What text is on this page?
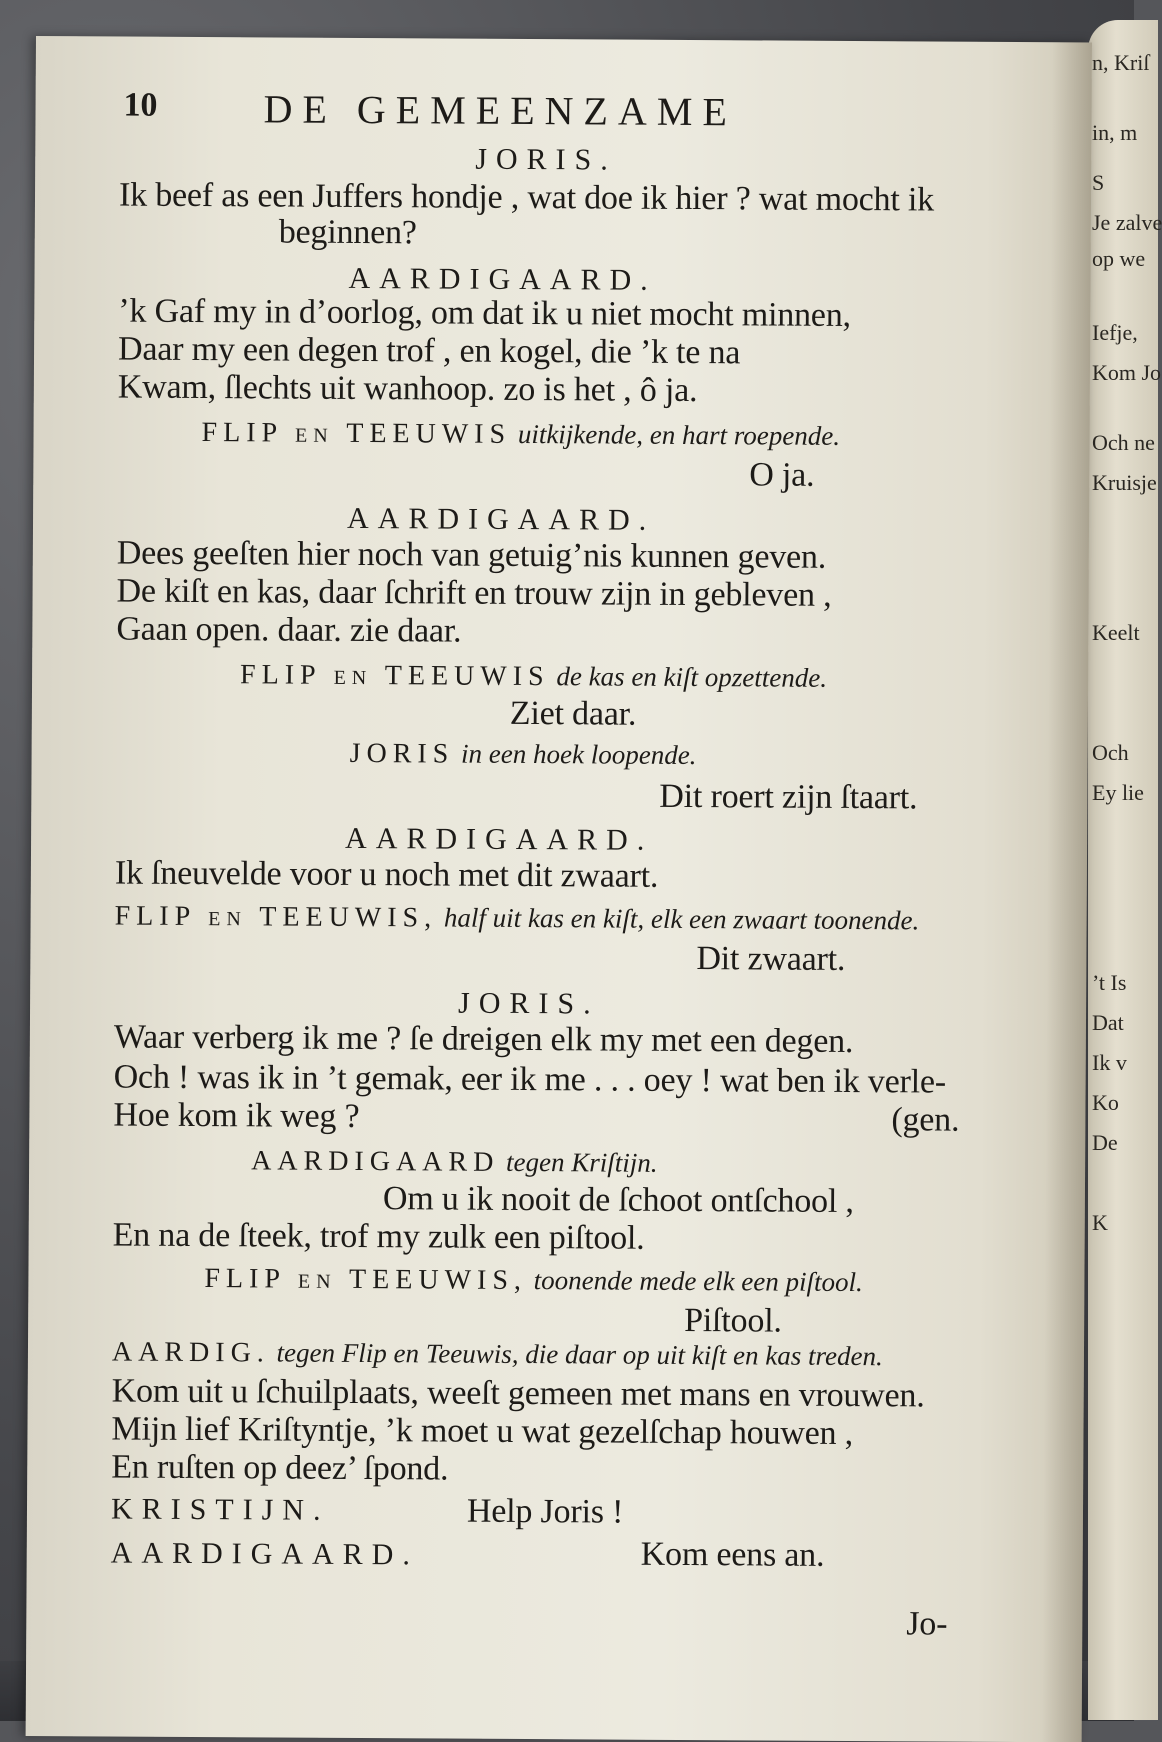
n, Kriſ
in, m
S
Je zalve
op we
Iefje,
Kom Jo
Och ne
Kruisje
Keelt
Och
Ey lie
’t Is
Dat
Ik v
Ko
De
K
10	DE GEMEENZAME
JORIS.
Ik beef as een Juffers hondje , wat doe ik hier ? wat mocht ik
beginnen?
AARDIGAARD.
’k Gaf my in d’oorlog, om dat ik u niet mocht minnen,
Daar my een degen trof , en kogel, die ’k te na
Kwam, ſlechts uit wanhoop. zo is het , ô ja.
FLIP en TEEUWIS uitkijkende, en hart roepende.
O ja.
AARDIGAARD.
Dees geeſten hier noch van getuig’nis kunnen geven.
De kiſt en kas, daar ſchrift en trouw zijn in gebleven ,
Gaan open. daar. zie daar.
FLIP en TEEUWIS de kas en kiſt opzettende.
Ziet daar.
JORIS in een hoek loopende.
Dit roert zijn ſtaart.
AARDIGAARD.
Ik ſneuvelde voor u noch met dit zwaart.
FLIP en TEEUWIS, half uit kas en kiſt, elk een zwaart toonende.
Dit zwaart.
JORIS.
Waar verberg ik me ? ſe dreigen elk my met een degen.
Och ! was ik in ’t gemak, eer ik me . . . oey ! wat ben ik verle-
Hoe kom ik weg ?	(gen.
AARDIGAARD tegen Kriſtijn.
Om u ik nooit de ſchoot ontſchool ,
En na de ſteek, trof my zulk een piſtool.
FLIP en TEEUWIS, toonende mede elk een piſtool.
Piſtool.
AARDIG. tegen Flip en Teeuwis, die daar op uit kiſt en kas treden.
Kom uit u ſchuilplaats, weeſt gemeen met mans en vrouwen.
Mijn lief Kriſtyntje, ’k moet u wat gezelſchap houwen ,
En ruſten op deez’ ſpond.
KRISTIJN.	Help Joris !
AARDIGAARD.	Kom eens an.
Jo-
